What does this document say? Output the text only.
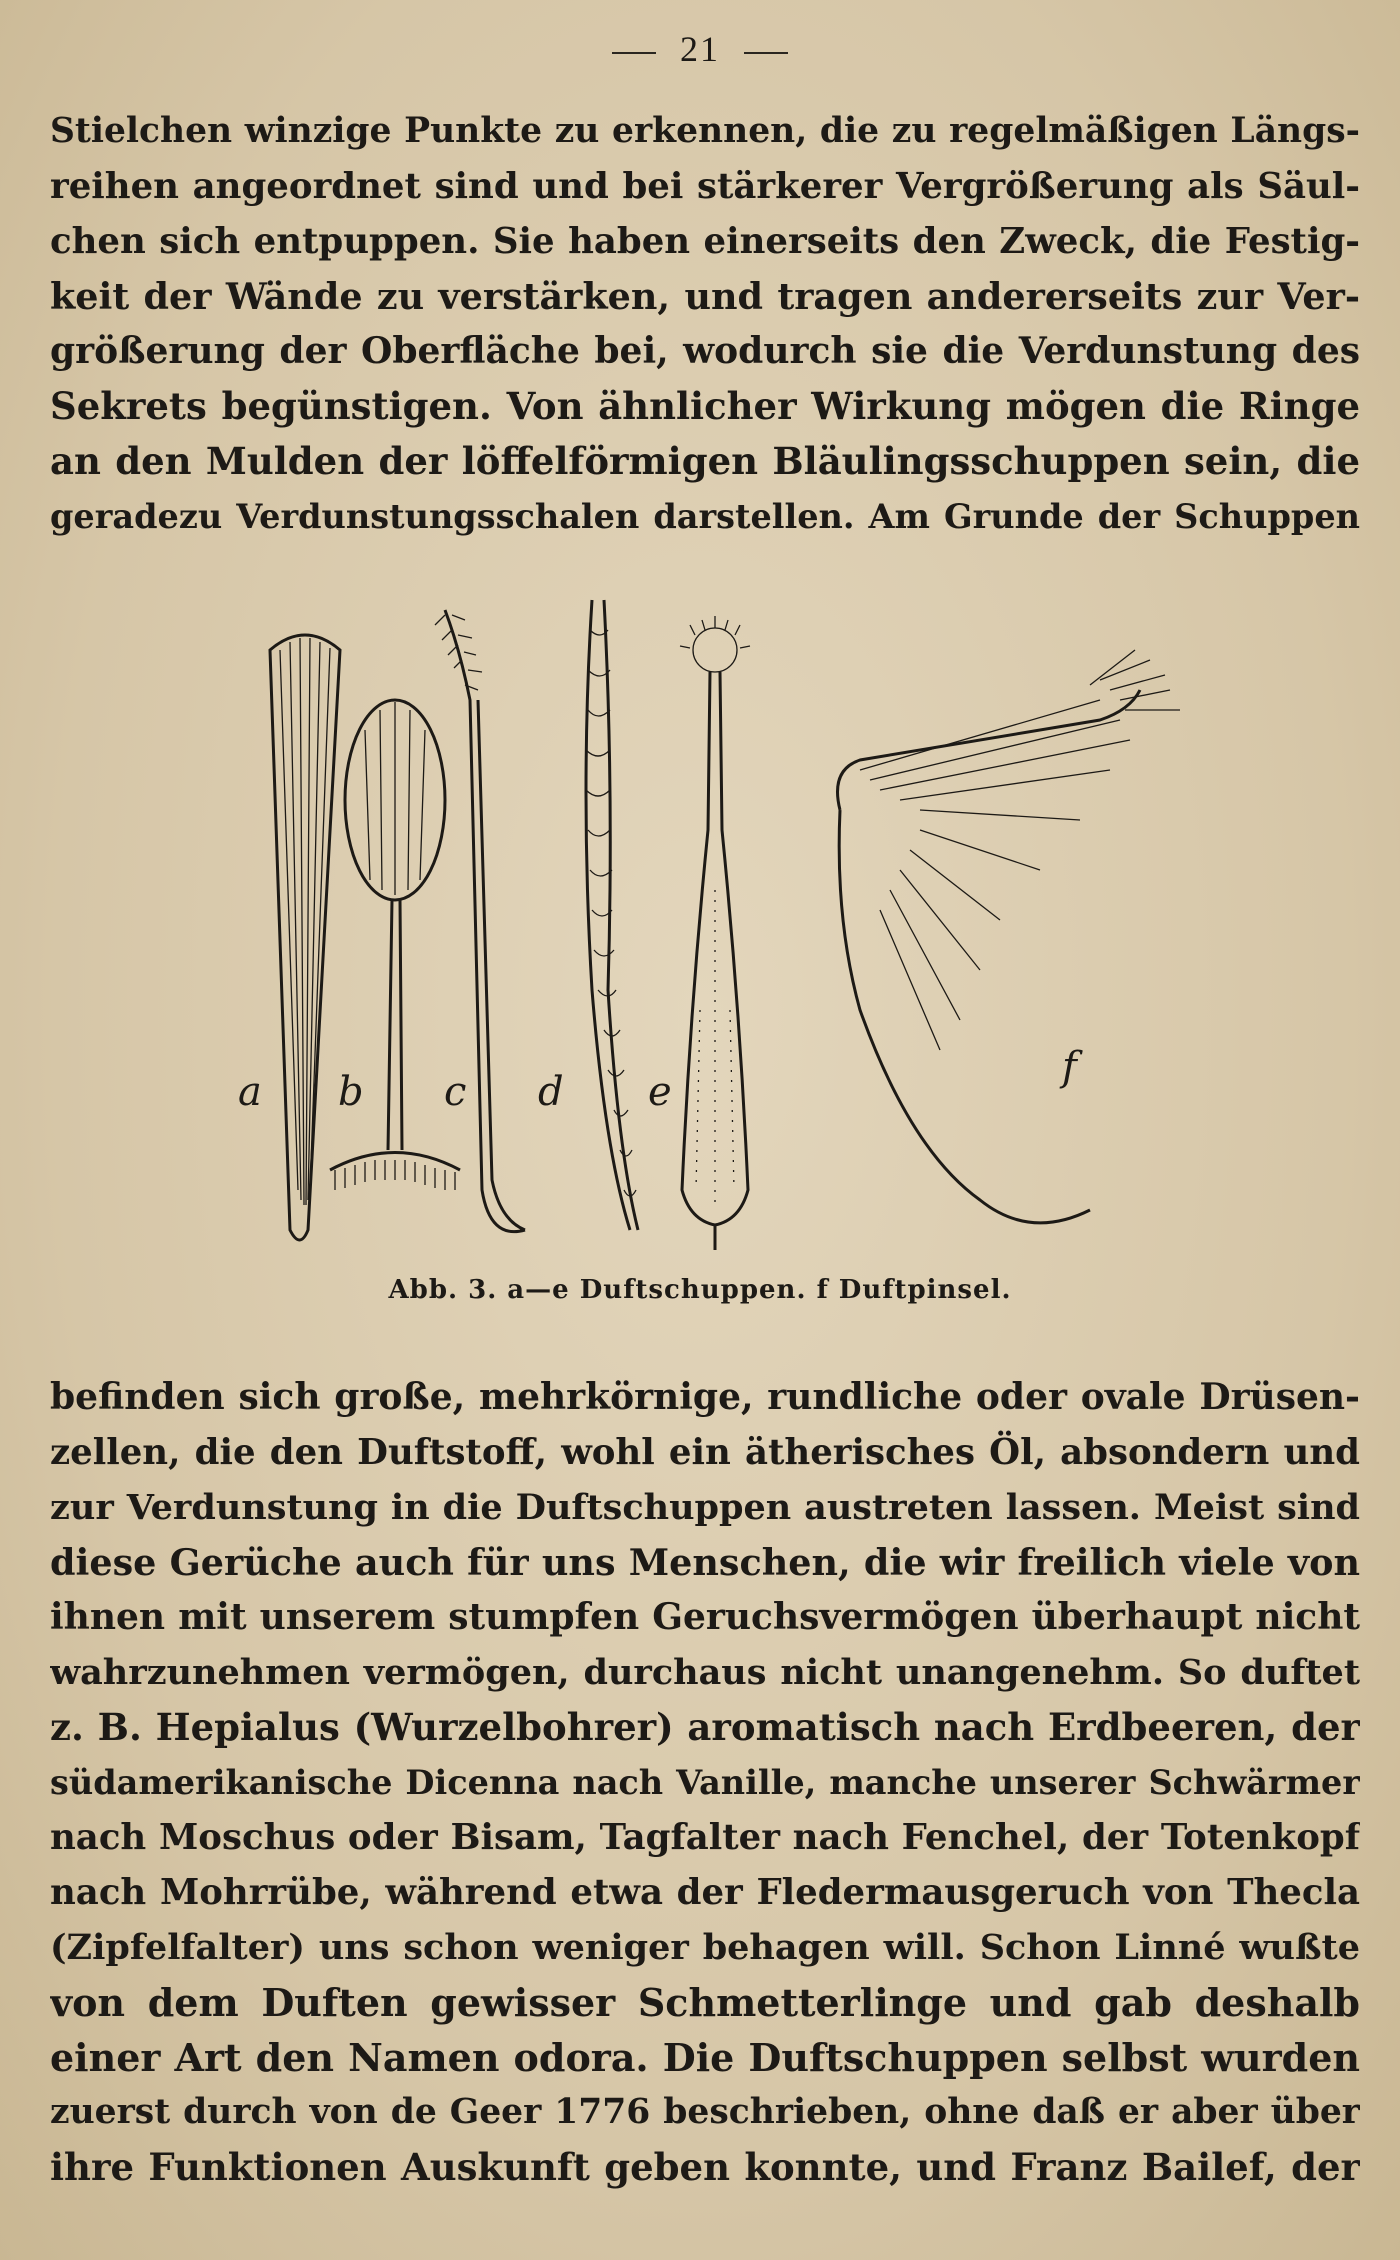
21
Stielchen winzige Punkte zu erkennen, die zu regelmäßigen Längs-
reihen angeordnet sind und bei stärkerer Vergrößerung als Säul-
chen sich entpuppen. Sie haben einerseits den Zweck, die Festig-
keit der Wände zu verstärken, und tragen andererseits zur Ver-
größerung der Oberfläche bei, wodurch sie die Verdunstung des
Sekrets begünstigen. Von ähnlicher Wirkung mögen die Ringe
an den Mulden der löffelförmigen Bläulingsschuppen sein, die
geradezu Verdunstungsschalen darstellen. Am Grunde der Schuppen
a b c d e
f
Abb. 3. a—e Duftschuppen. f Duftpinsel.
befinden sich große, mehrkörnige, rundliche oder ovale Drüsen-
zellen, die den Duftstoff, wohl ein ätherisches Öl, absondern und
zur Verdunstung in die Duftschuppen austreten lassen. Meist sind
diese Gerüche auch für uns Menschen, die wir freilich viele von
ihnen mit unserem stumpfen Geruchsvermögen überhaupt nicht
wahrzunehmen vermögen, durchaus nicht unangenehm. So duftet
z. B. Hepialus (Wurzelbohrer) aromatisch nach Erdbeeren, der
südamerikanische Dicenna nach Vanille, manche unserer Schwärmer
nach Moschus oder Bisam, Tagfalter nach Fenchel, der Totenkopf
nach Mohrrübe, während etwa der Fledermausgeruch von Thecla
(Zipfelfalter) uns schon weniger behagen will. Schon Linné wußte
von dem Duften gewisser Schmetterlinge und gab deshalb
einer Art den Namen odora. Die Duftschuppen selbst wurden
zuerst durch von de Geer 1776 beschrieben, ohne daß er aber über
ihre Funktionen Auskunft geben konnte, und Franz Bailef, der
